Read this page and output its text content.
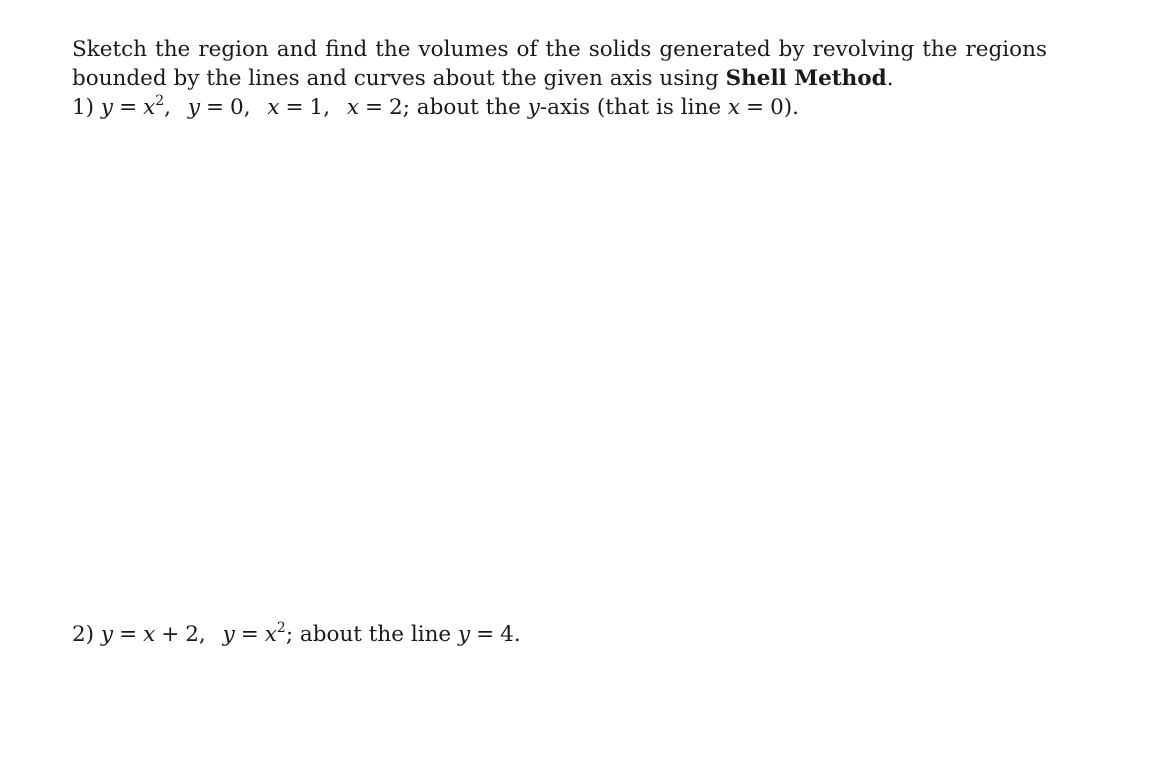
Sketch the region and find the volumes of the solids generated by revolving the regions
bounded by the lines and curves about the given axis using Shell Method.
1) $y = x^2$, y = 0, x = 1, x = 2; about the y-axis (that is line x = 0).
2) y = x + 2, $y = x^2$; about the line y = 4.
